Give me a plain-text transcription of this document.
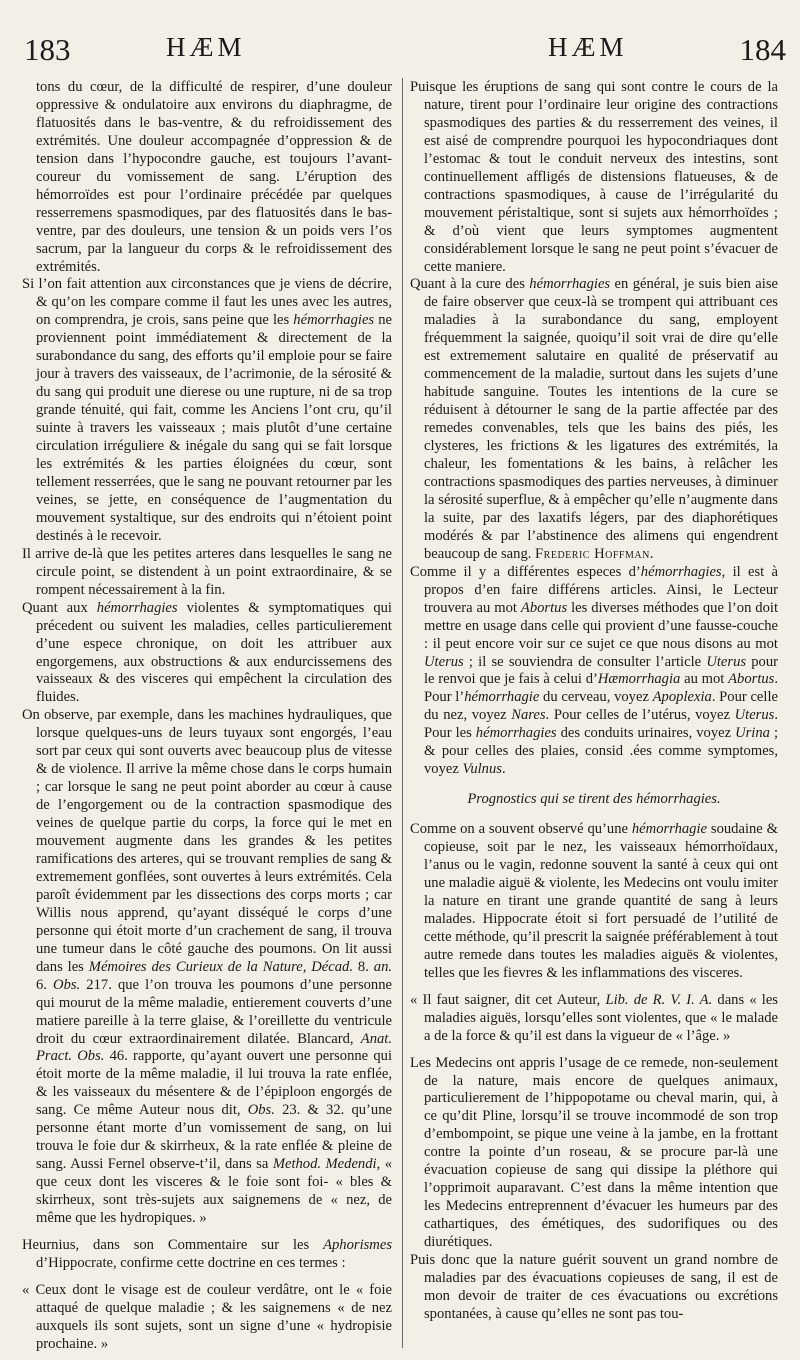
183	HÆM	HÆM	184

tons du cœur, de la difficulté de respirer, d’une douleur oppressive & ondulatoire aux environs du diaphragme, de flatuosités dans le bas-ventre, & du refroidissement des extrémités. Une douleur accompagnée d’oppression & de tension dans l’hypocondre gauche, est toujours l’avant-coureur du vomissement de sang. L’éruption des hémorroïdes est pour l’ordinaire précédée par quelques resserremens spasmodiques, par des flatuosités dans le bas-ventre, par des douleurs, une tension & un poids vers l’os sacrum, par la langueur du corps & le refroidissement des extrémités.

Si l’on fait attention aux circonstances que je viens de décrire, & qu’on les compare comme il faut les unes avec les autres, on comprendra, je crois, sans peine que les hémorrhagies ne proviennent point immédiatement & directement de la surabondance du sang, des efforts qu’il emploie pour se faire jour à travers des vaisseaux, de l’acrimonie, de la sérosité & du sang qui produit une dierese ou une rupture, ni de sa trop grande ténuité, qui fait, comme les Anciens l’ont cru, qu’il suinte à travers les vaisseaux ; mais plutôt d’une certaine circulation irréguliere & inégale du sang qui se fait lorsque les extrémités & les parties éloignées du cœur, sont tellement resserrées, que le sang ne pouvant retourner par les veines, se jette, en conséquence de l’augmentation du mouvement systaltique, sur des endroits qui n’étoient point destinés à le recevoir.

Il arrive de-là que les petites arteres dans lesquelles le sang ne circule point, se distendent à un point extraordinaire, & se rompent nécessairement à la fin.

Quant aux hémorrhagies violentes & symptomatiques qui précedent ou suivent les maladies, celles particulierement d’une espece chronique, on doit les attribuer aux engorgemens, aux obstructions & aux endurcissemens des vaisseaux & des visceres qui empêchent la circulation des fluides.

On observe, par exemple, dans les machines hydrauliques, que lorsque quelques-uns de leurs tuyaux sont engorgés, l’eau sort par ceux qui sont ouverts avec beaucoup plus de vitesse & de violence. Il arrive la même chose dans le corps humain ; car lorsque le sang ne peut point aborder au cœur à cause de l’engorgement ou de la contraction spasmodique des veines de quelque partie du corps, la force qui le met en mouvement augmente dans les grandes & les petites ramifications des arteres, qui se trouvant remplies de sang & extremement gonflées, sont ouvertes à leurs extrémités. Cela paroît évidemment par les dissections des corps morts ; car Willis nous apprend, qu’ayant disséqué le corps d’une personne qui étoit morte d’un crachement de sang, il trouva une tumeur dans le côté gauche des poumons. On lit aussi dans les Mémoires des Curieux de la Nature, Décad. 8. an. 6. Obs. 217. que l’on trouva les poumons d’une personne qui mourut de la même maladie, entierement couverts d’une matiere pareille à la terre glaise, & l’oreillette du ventricule droit du cœur extraordinairement dilatée. Blancard, Anat. Pract. Obs. 46. rapporte, qu’ayant ouvert une personne qui étoit morte de la même maladie, il lui trouva la rate enflée, & les vaisseaux du mésentere & de l’épiploon engorgés de sang. Ce même Auteur nous dit, Obs. 23. & 32. qu’une personne étant morte d’un vomissement de sang, on lui trouva le foie dur & skirrheux, & la rate enflée & pleine de sang. Aussi Fernel observe-t’il, dans sa Method. Medendi, « que ceux dont les visceres & le foie sont foi- « bles & skirrheux, sont très-sujets aux saignemens de « nez, de même que les hydropiques. »

Heurnius, dans son Commentaire sur les Aphorismes d’Hippocrate, confirme cette doctrine en ces termes :

« Ceux dont le visage est de couleur verdâtre, ont le « foie attaqué de quelque maladie ; & les saignemens « de nez auxquels ils sont sujets, sont un signe d’une « hydropisie prochaine. »

Puisque les éruptions de sang qui sont contre le cours de la nature, tirent pour l’ordinaire leur origine des contractions spasmodiques des parties & du resserrement des veines, il est aisé de comprendre pourquoi les hypocondriaques dont l’estomac & tout le conduit nerveux des intestins, sont continuellement affligés de distensions flatueuses, & de contractions spasmodiques, à cause de l’irrégularité du mouvement péristaltique, sont si sujets aux hémorrhoïdes ; & d’où vient que leurs symptomes augmentent considérablement lorsque le sang ne peut point s’évacuer de cette maniere.

Quant à la cure des hémorrhagies en général, je suis bien aise de faire observer que ceux-là se trompent qui attribuant ces maladies à la surabondance du sang, employent fréquemment la saignée, quoiqu’il soit vrai de dire qu’elle est extremement salutaire en qualité de préservatif au commencement de la maladie, surtout dans les sujets d’une habitude sanguine. Toutes les intentions de la cure se réduisent à détourner le sang de la partie affectée par des remedes convenables, tels que les bains des piés, les clysteres, les frictions & les ligatures des extrémités, la chaleur, les fomentations & les bains, à relâcher les contractions spasmodiques des parties nerveuses, à diminuer la sérosité superflue, & à empêcher qu’elle n’augmente dans la suite, par des laxatifs légers, par des diaphorétiques modérés & par l’abstinence des alimens qui engendrent beaucoup de sang. Frederic Hoffman.

Comme il y a différentes especes d’hémorrhagies, il est à propos d’en faire différens articles. Ainsi, le Lecteur trouvera au mot Abortus les diverses méthodes que l’on doit mettre en usage dans celle qui provient d’une fausse-couche : il peut encore voir sur ce sujet ce que nous disons au mot Uterus ; il se souviendra de consulter l’article Uterus pour le renvoi que je fais à celui d’Hæmorrhagia au mot Abortus. Pour l’hémorrhagie du cerveau, voyez Apoplexia. Pour celle du nez, voyez Nares. Pour celles de l’utérus, voyez Uterus. Pour les hémorrhagies des conduits urinaires, voyez Urina ; & pour celles des plaies, consid .ées comme symptomes, voyez Vulnus.

Prognostics qui se tirent des hémorrhagies.

Comme on a souvent observé qu’une hémorrhagie soudaine & copieuse, soit par le nez, les vaisseaux hémorrhoïdaux, l’anus ou le vagin, redonne souvent la santé à ceux qui ont une maladie aiguë & violente, les Medecins ont voulu imiter la nature en tirant une grande quantité de sang à leurs malades. Hippocrate étoit si fort persuadé de l’utilité de cette méthode, qu’il prescrit la saignée préférablement à tout autre remede dans toutes les maladies aiguës & violentes, telles que les fievres & les inflammations des visceres.

« Il faut saigner, dit cet Auteur, Lib. de R. V. I. A. dans « les maladies aiguës, lorsqu’elles sont violentes, que « le malade a de la force & qu’il est dans la vigueur de « l’âge. »

Les Medecins ont appris l’usage de ce remede, non-seulement de la nature, mais encore de quelques animaux, particulierement de l’hippopotame ou cheval marin, qui, à ce qu’dit Pline, lorsqu’il se trouve incommodé de son trop d’embompoint, se pique une veine à la jambe, en la frottant contre la pointe d’un roseau, & se procure par-là une évacuation copieuse de sang qui dissipe la pléthore qui l’opprimoit auparavant. C’est dans la même intention que les Medecins entreprennent d’évacuer les humeurs par des cathartiques, des émétiques, des sudorifiques ou des diurétiques.

Puis donc que la nature guérit souvent un grand nombre de maladies par des évacuations copieuses de sang, il est de mon devoir de traiter de ces évacuations ou excrétions spontanées, à cause qu’elles ne sont pas tou-
